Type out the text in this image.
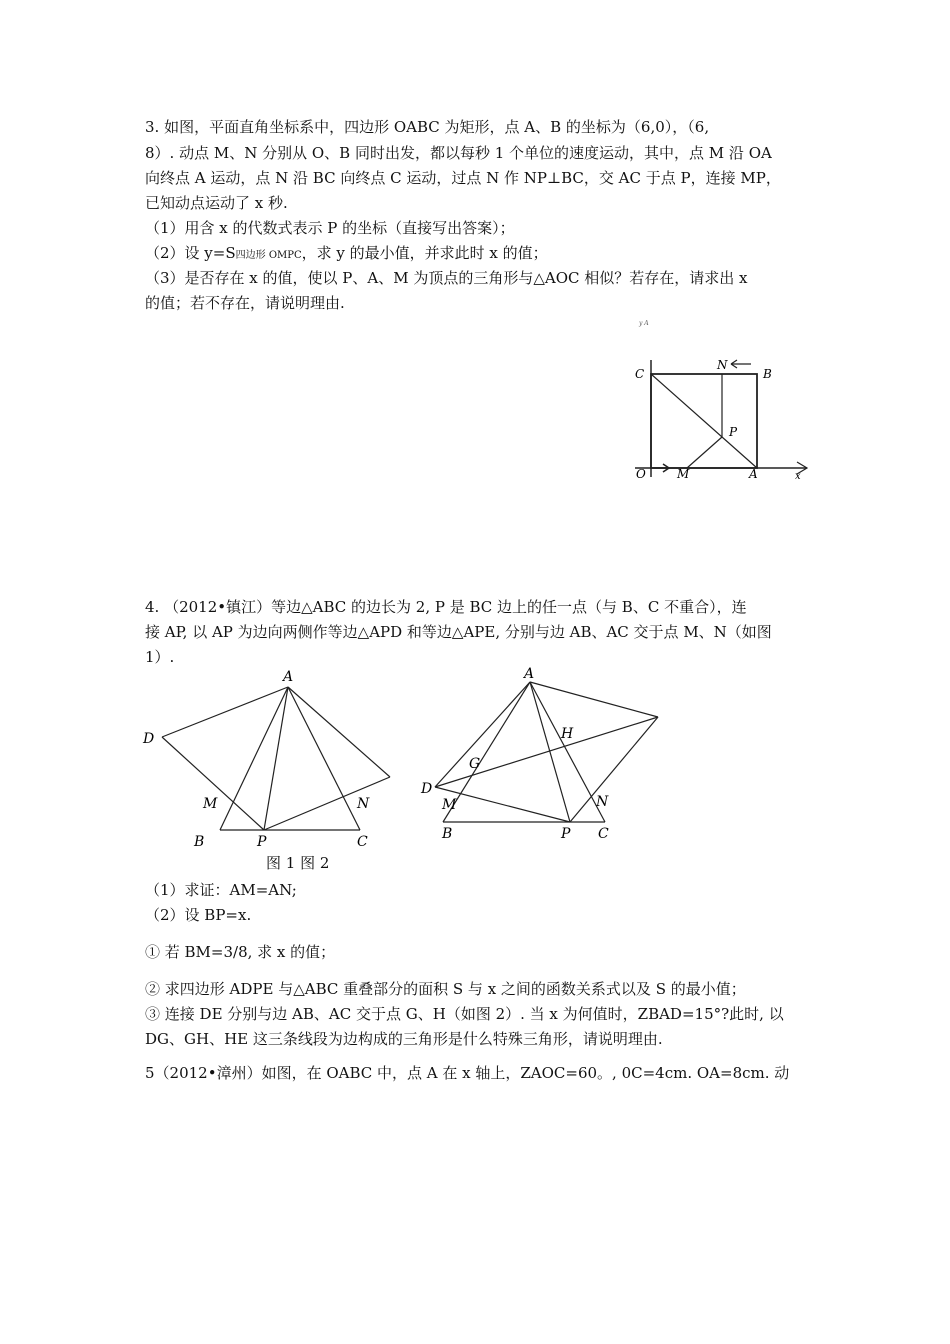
3. 如图，平面直角坐标系中，四边形 OABC 为矩形，点 A、B 的坐标为（6,0），（6,
8）. 动点 M、N 分别从 O、B 同时出发，都以每秒 1 个单位的速度运动，其中，点 M 沿 OA
向终点 A 运动，点 N 沿 BC 向终点 C 运动，过点 N 作 NP⊥BC，交 AC 于点 P，连接 MP，
已知动点运动了 x 秒.
（1）用含 x 的代数式表示 P 的坐标（直接写出答案）；
（2）设 y=S四边形 OMPC，求 y 的最小值，并求此时 x 的值；
（3）是否存在 x 的值，使以 P、A、M 为顶点的三角形与△AOC 相似？若存在，请求出 x
的值；若不存在，请说明理由.
y A
C
N
B
P
O	M	A	x
4. （2012•镇江）等边△ABC 的边长为 2, P 是 BC 边上的任一点（与 B、C 不重合），连
接 AP, 以 AP 为边向两侧作等边△APD 和等边△APE, 分别与边 AB、AC 交于点 M、N（如图
1）.
A
D
M	N
B	P	C
A
H
G
D
M	N
B	P C
图 1 图 2
（1）求证：AM=AN;
（2）设 BP=x.
① 若 BM=3/8, 求 x 的值；
② 求四边形 ADPE 与△ABC 重叠部分的面积 S 与 x 之间的函数关系式以及 S 的最小值；
③ 连接 DE 分别与边 AB、AC 交于点 G、H（如图 2）. 当 x 为何值时，ZBAD=15°?此时, 以
DG、GH、HE 这三条线段为边构成的三角形是什么特殊三角形，请说明理由.
5（2012•漳州）如图，在 OABC 中，点 A 在 x 轴上，ZAOC=60。, 0C=4cm. OA=8cm. 动
